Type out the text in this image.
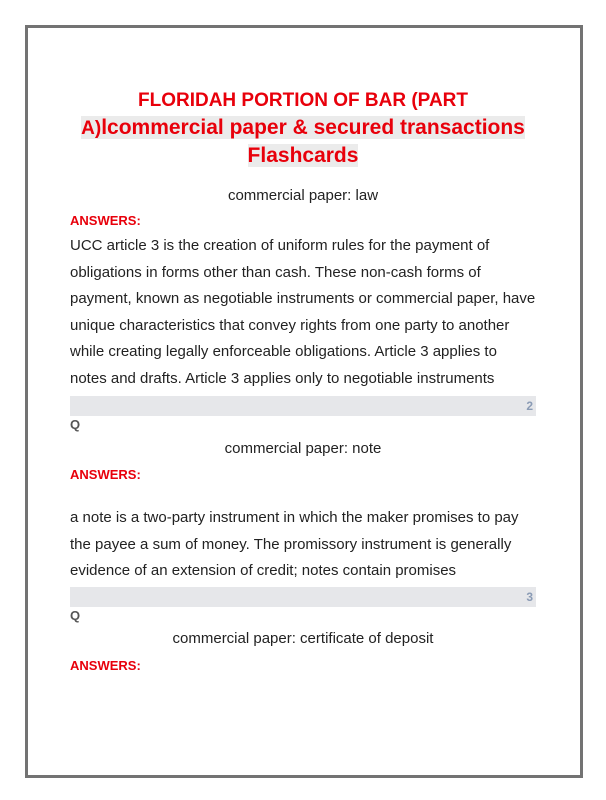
FLORIDAH PORTION OF BAR (PART

A)lcommercial paper & secured transactions

Flashcards

commercial paper: law
ANSWERS:

UCC article 3 is the creation of uniform rules for the payment of obligations in forms other than cash. These non-cash forms of payment, known as negotiable instruments or commercial paper, have unique characteristics that convey rights from one party to another while creating legally enforceable obligations. Article 3 applies to notes and drafts. Article 3 applies only to negotiable instruments

2
Q
commercial paper: note
ANSWERS:

a note is a two-party instrument in which the maker promises to pay the payee a sum of money. The promissory instrument is generally evidence of an extension of credit; notes contain promises

3
Q
commercial paper: certificate of deposit
ANSWERS:
